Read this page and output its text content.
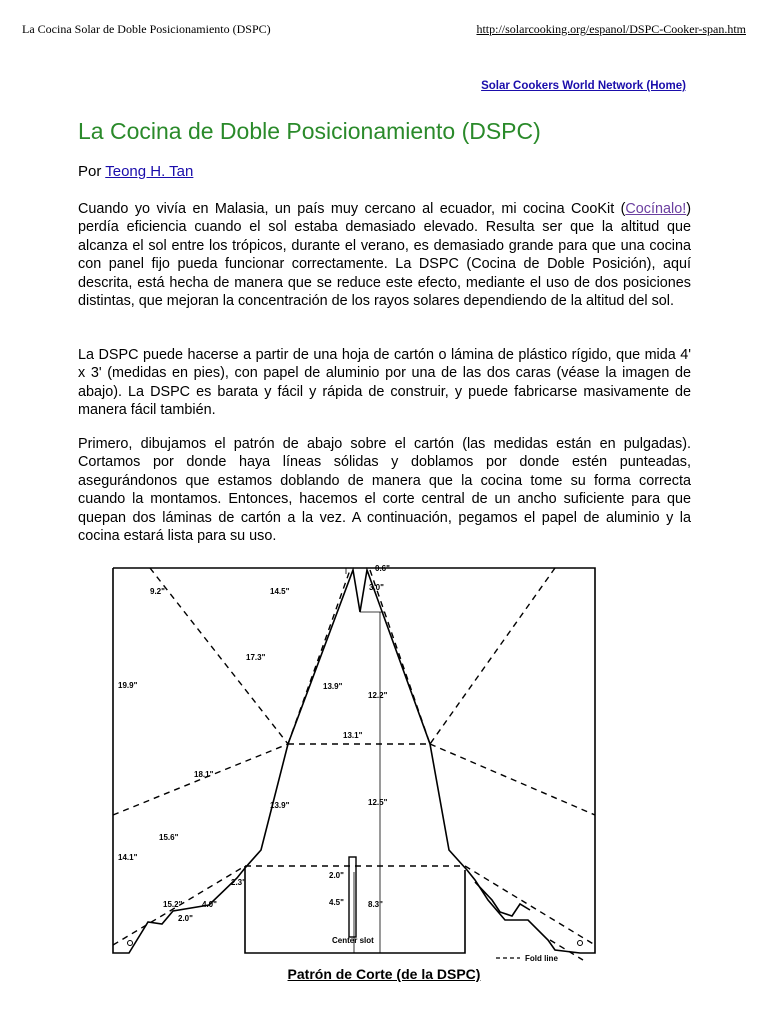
La Cocina Solar de Doble Posicionamiento (DSPC)	http://solarcooking.org/espanol/DSPC-Cooker-span.htm
Solar Cookers World Network (Home)
La Cocina de Doble Posicionamiento (DSPC)
Por Teong H. Tan
Cuando yo vivía en Malasia, un país muy cercano al ecuador, mi cocina CooKit (Cocínalo!) perdía eficiencia cuando el sol estaba demasiado elevado. Resulta ser que la altitud que alcanza el sol entre los trópicos, durante el verano, es demasiado grande para que una cocina con panel fijo pueda funcionar correctamente. La DSPC (Cocina de Doble Posición), aquí descrita, está hecha de manera que se reduce este efecto, mediante el uso de dos posiciones distintas, que mejoran la concentración de los rayos solares dependiendo de la altitud del sol.
La DSPC puede hacerse a partir de una hoja de cartón o lámina de plástico rígido, que mida 4' x 3' (medidas en pies), con papel de aluminio por una de las dos caras (véase la imagen de abajo). La DSPC es barata y fácil y rápida de construir, y puede fabricarse masivamente de manera fácil también.
Primero, dibujamos el patrón de abajo sobre el cartón (las medidas están en pulgadas). Cortamos por donde haya líneas sólidas y doblamos por donde estén punteadas, asegurándonos que estamos doblando de manera que la cocina tome su forma correcta cuando la montamos. Entonces, hacemos el corte central de un ancho suficiente para que quepan dos láminas de cartón a la vez. A continuación, pegamos el papel de aluminio y la cocina estará lista para su uso.
0.6"
3.0"
9.2"	14.5"
17.3"
19.9"	13.9"
12.2"
13.1"
18.1"
13.9"	12.5"
15.6"
14.1"
2.3"
15.2" 4.0"
2.0"
2.0"
4.5"	8.3"
Center slot
Fold line
Patrón de Corte (de la DSPC)
